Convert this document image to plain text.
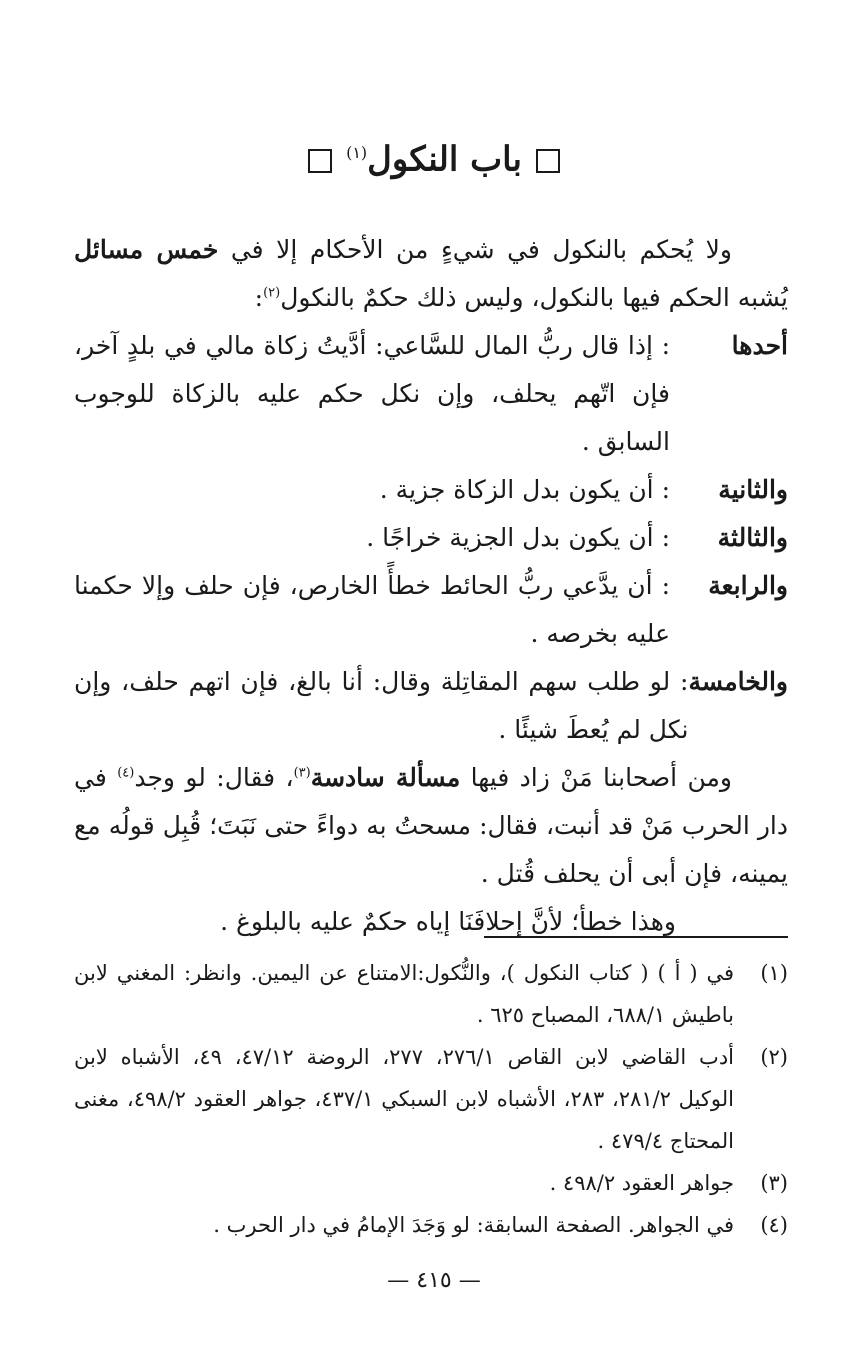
باب النكول$^{(١)}$

ولا يُحكم بالنكول في شيءٍ من الأحكام إلا في خمس مسائل يُشبه الحكم فيها بالنكول، وليس ذلك حكمٌ بالنكول$^{(٢)}$:

أحدها
: إذا قال ربُّ المال للسَّاعي: أدَّيتُ زكاة مالي في بلدٍ آخر، فإن اتّهم يحلف، وإن نكل حكم عليه بالزكاة للوجوب السابق .
والثانية
: أن يكون بدل الزكاة جزية .
والثالثة
: أن يكون بدل الجزية خراجًا .
والرابعة
: أن يدَّعي ربُّ الحائط خطأً الخارص، فإن حلف وإلا حكمنا عليه بخرصه .
والخامسة
: لو طلب سهم المقاتِلة وقال: أنا بالغ، فإن اتهم حلف، وإن نكل لم يُعطَ شيئًا .

ومن أصحابنا مَنْ زاد فيها مسألة سادسة$^{(٣)}$، فقال: لو وجد$^{(٤)}$ في دار الحرب مَنْ قد أنبت، فقال: مسحتُ به دواءً حتى نَبَتَ؛ قُبِل قولُه مع يمينه، فإن أبى أن يحلف قُتل .

وهذا خطأ؛ لأنَّ إحلافَنَا إياه حكمٌ عليه بالبلوغ .

(١)
في ( أ ) ( كتاب النكول )، والنُّكول:الامتناع عن اليمين. وانظر: المغني لابن باطيش ٦٨٨/١، المصباح ٦٢٥ .
(٢)
أدب القاضي لابن القاص ٢٧٦/١، ٢٧٧، الروضة ٤٧/١٢، ٤٩، الأشباه لابن الوكيل ٢٨١/٢، ٢٨٣، الأشباه لابن السبكي ٤٣٧/١، جواهر العقود ٤٩٨/٢، مغنى المحتاج ٤٧٩/٤ .
(٣)
جواهر العقود ٤٩٨/٢ .
(٤)
في الجواهر. الصفحة السابقة: لو وَجَدَ الإمامُ في دار الحرب .
— ٤١٥ —
